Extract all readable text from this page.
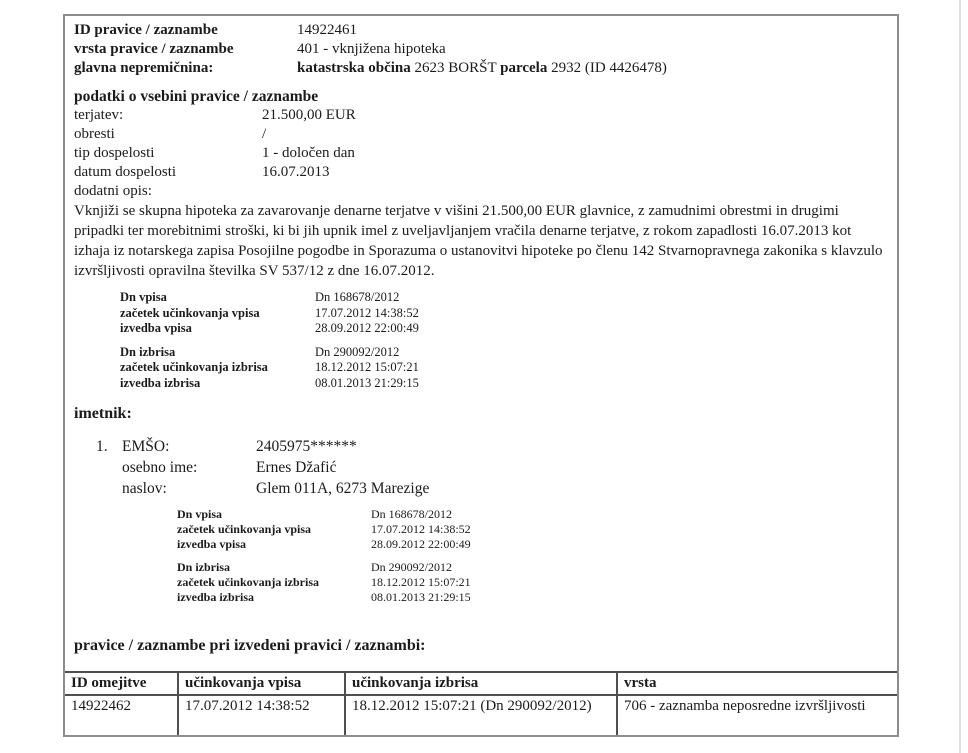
ID pravice / zaznambe	14922461
vrsta pravice / zaznambe	401 - vknjižena hipoteka
glavna nepremičnina:	katastrska občina 2623 BORŠT parcela 2932 (ID 4426478)
podatki o vsebini pravice / zaznambe
terjatev:	21.500,00 EUR
obresti	/
tip dospelosti	1 - določen dan
datum dospelosti	16.07.2013
dodatni opis:
Vknjiži se skupna hipoteka za zavarovanje denarne terjatve v višini 21.500,00 EUR glavnice, z zamudnimi obrestmi in drugimi pripadki ter morebitnimi stroški, ki bi jih upnik imel z uveljavljanjem vračila denarne terjatve, z rokom zapadlosti 16.07.2013 kot izhaja iz notarskega zapisa Posojilne pogodbe in Sporazuma o ustanovitvi hipoteke po členu 142 Stvarnopravnega zakonika s klavzulo izvršljivosti opravilna številka SV 537/12 z dne 16.07.2012.
Dn vpisa	Dn 168678/2012
začetek učinkovanja vpisa	17.07.2012 14:38:52
izvedba vpisa	28.09.2012 22:00:49
Dn izbrisa	Dn 290092/2012
začetek učinkovanja izbrisa	18.12.2012 15:07:21
izvedba izbrisa	08.01.2013 21:29:15
imetnik:
1. EMŠO:	2405975******
osebno ime:	Ernes Džafić
naslov:	Glem 011A, 6273 Marezige
Dn vpisa	Dn 168678/2012
začetek učinkovanja vpisa	17.07.2012 14:38:52
izvedba vpisa	28.09.2012 22:00:49
Dn izbrisa	Dn 290092/2012
začetek učinkovanja izbrisa	18.12.2012 15:07:21
izvedba izbrisa	08.01.2013 21:29:15
pravice / zaznambe pri izvedeni pravici / zaznambi:
ID omejitve	učinkovanja vpisa	učinkovanja izbrisa	vrsta
14922462	17.07.2012 14:38:52	18.12.2012 15:07:21 (Dn 290092/2012)	706 - zaznamba neposredne izvršljivosti
